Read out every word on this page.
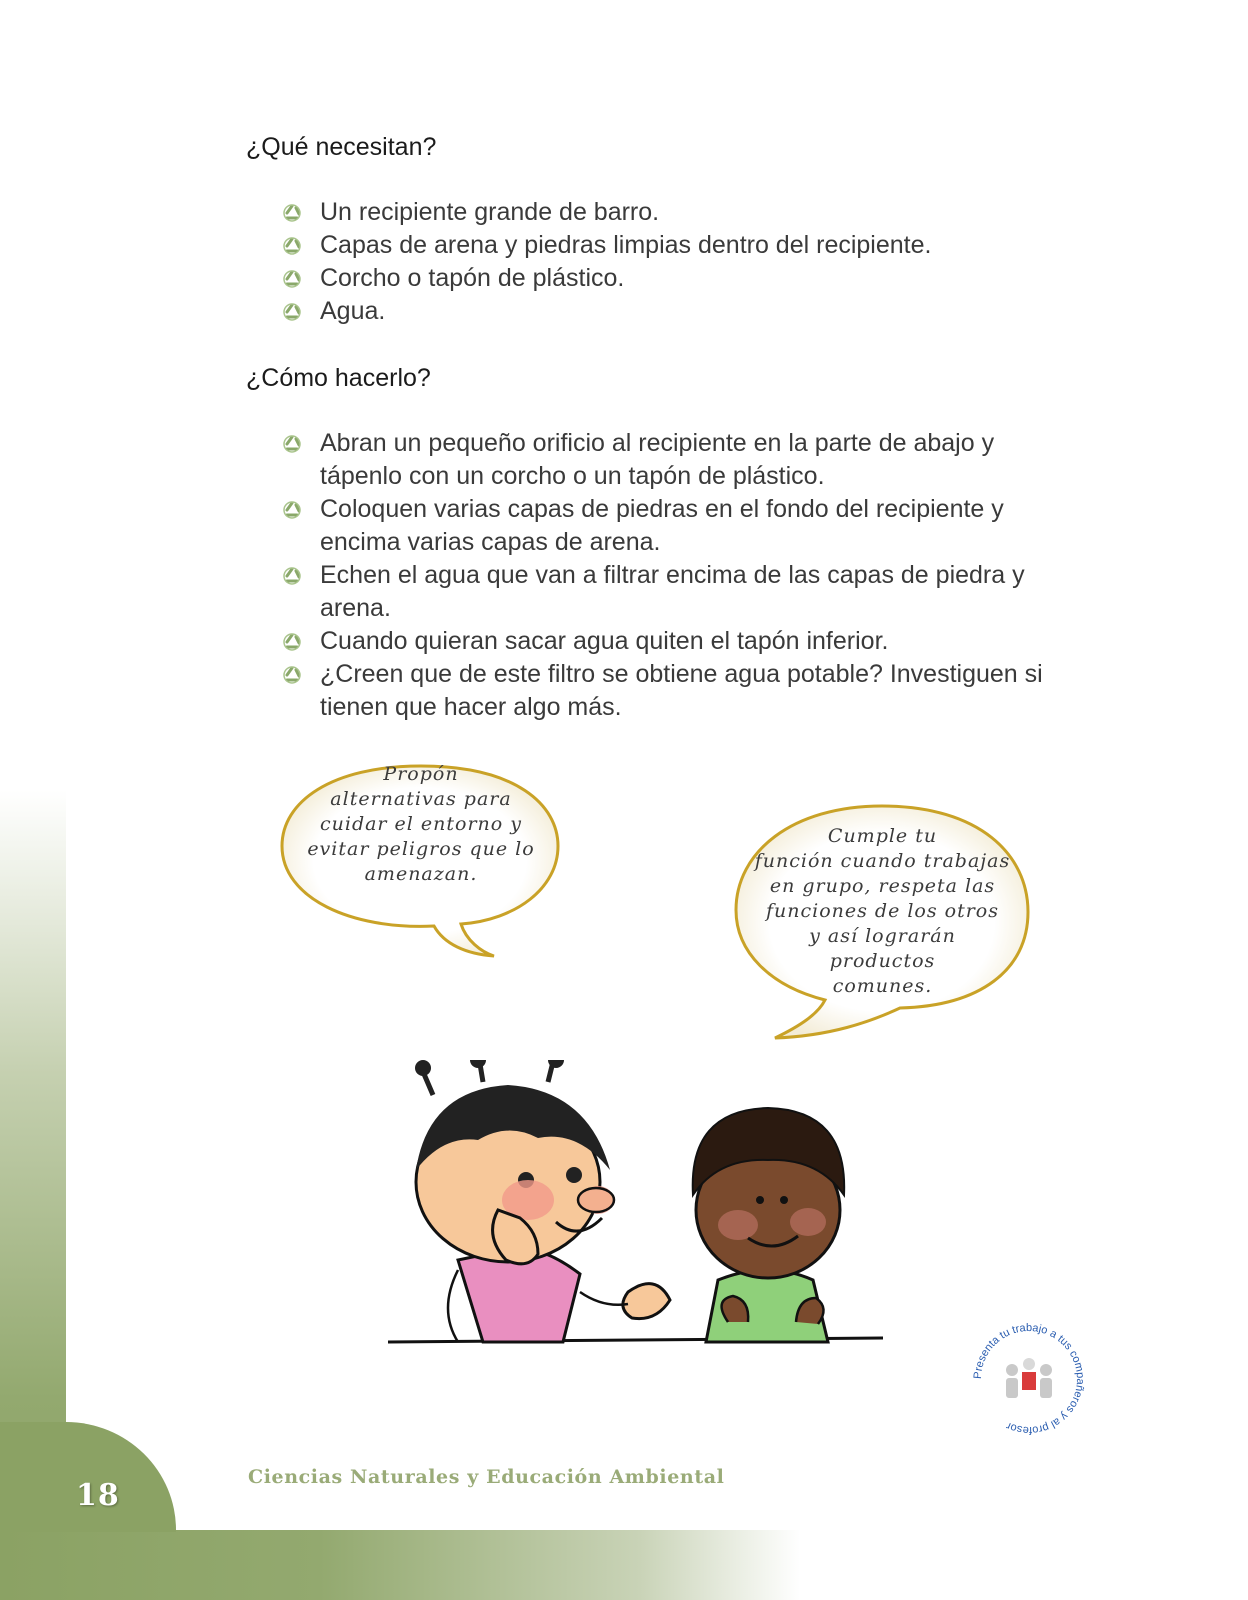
18
Ciencias Naturales y Educación Ambiental
¿Qué necesitan?
Un recipiente grande de barro.
Capas de arena y piedras limpias dentro del recipiente.
Corcho o tapón de plástico.
Agua.
¿Cómo hacerlo?
Abran un pequeño orificio al recipiente en la parte de abajo y tápenlo con un corcho o un tapón de plástico.
Coloquen varias capas de piedras en el fondo del recipiente y encima varias capas de arena.
Echen el agua que van a filtrar encima de las capas de piedra y arena.
Cuando quieran sacar agua quiten el tapón inferior.
¿Creen que de este filtro se obtiene agua potable? Investiguen si tienen que hacer algo más.
Propón
alternativas para
cuidar el entorno y
evitar peligros que lo
amenazan.
Cumple tu
función cuando trabajas
en grupo, respeta las
funciones de los otros
y así lograrán
productos
comunes.
Presenta tu trabajo a tus compañeros y al profesor
